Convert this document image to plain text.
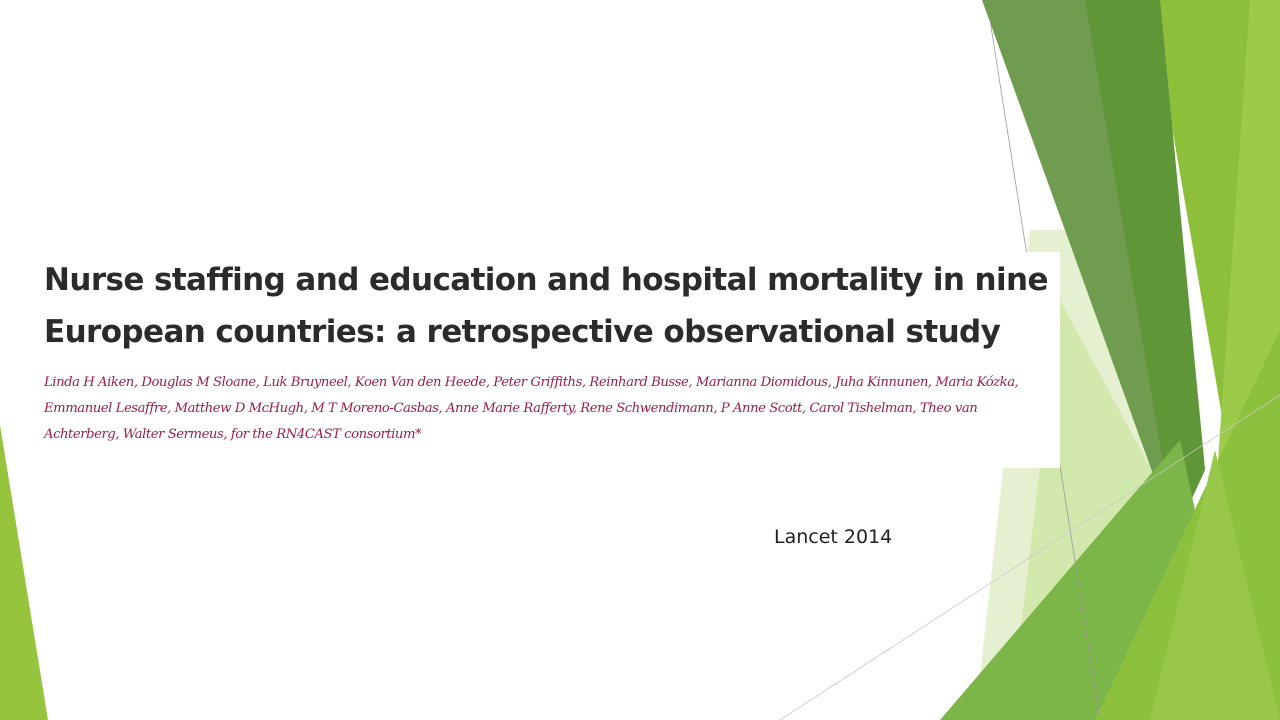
Nurse staffing and education and hospital mortality in nine European countries: a retrospective observational study

Linda H Aiken, Douglas M Sloane, Luk Bruyneel, Koen Van den Heede, Peter Griffiths, Reinhard Busse, Marianna Diomidous, Juha Kinnunen, Maria Kózka, Emmanuel Lesaffre, Matthew D McHugh, M T Moreno-Casbas, Anne Marie Rafferty, Rene Schwendimann, P Anne Scott, Carol Tishelman, Theo van Achterberg, Walter Sermeus, for the RN4CAST consortium*

Lancet 2014
